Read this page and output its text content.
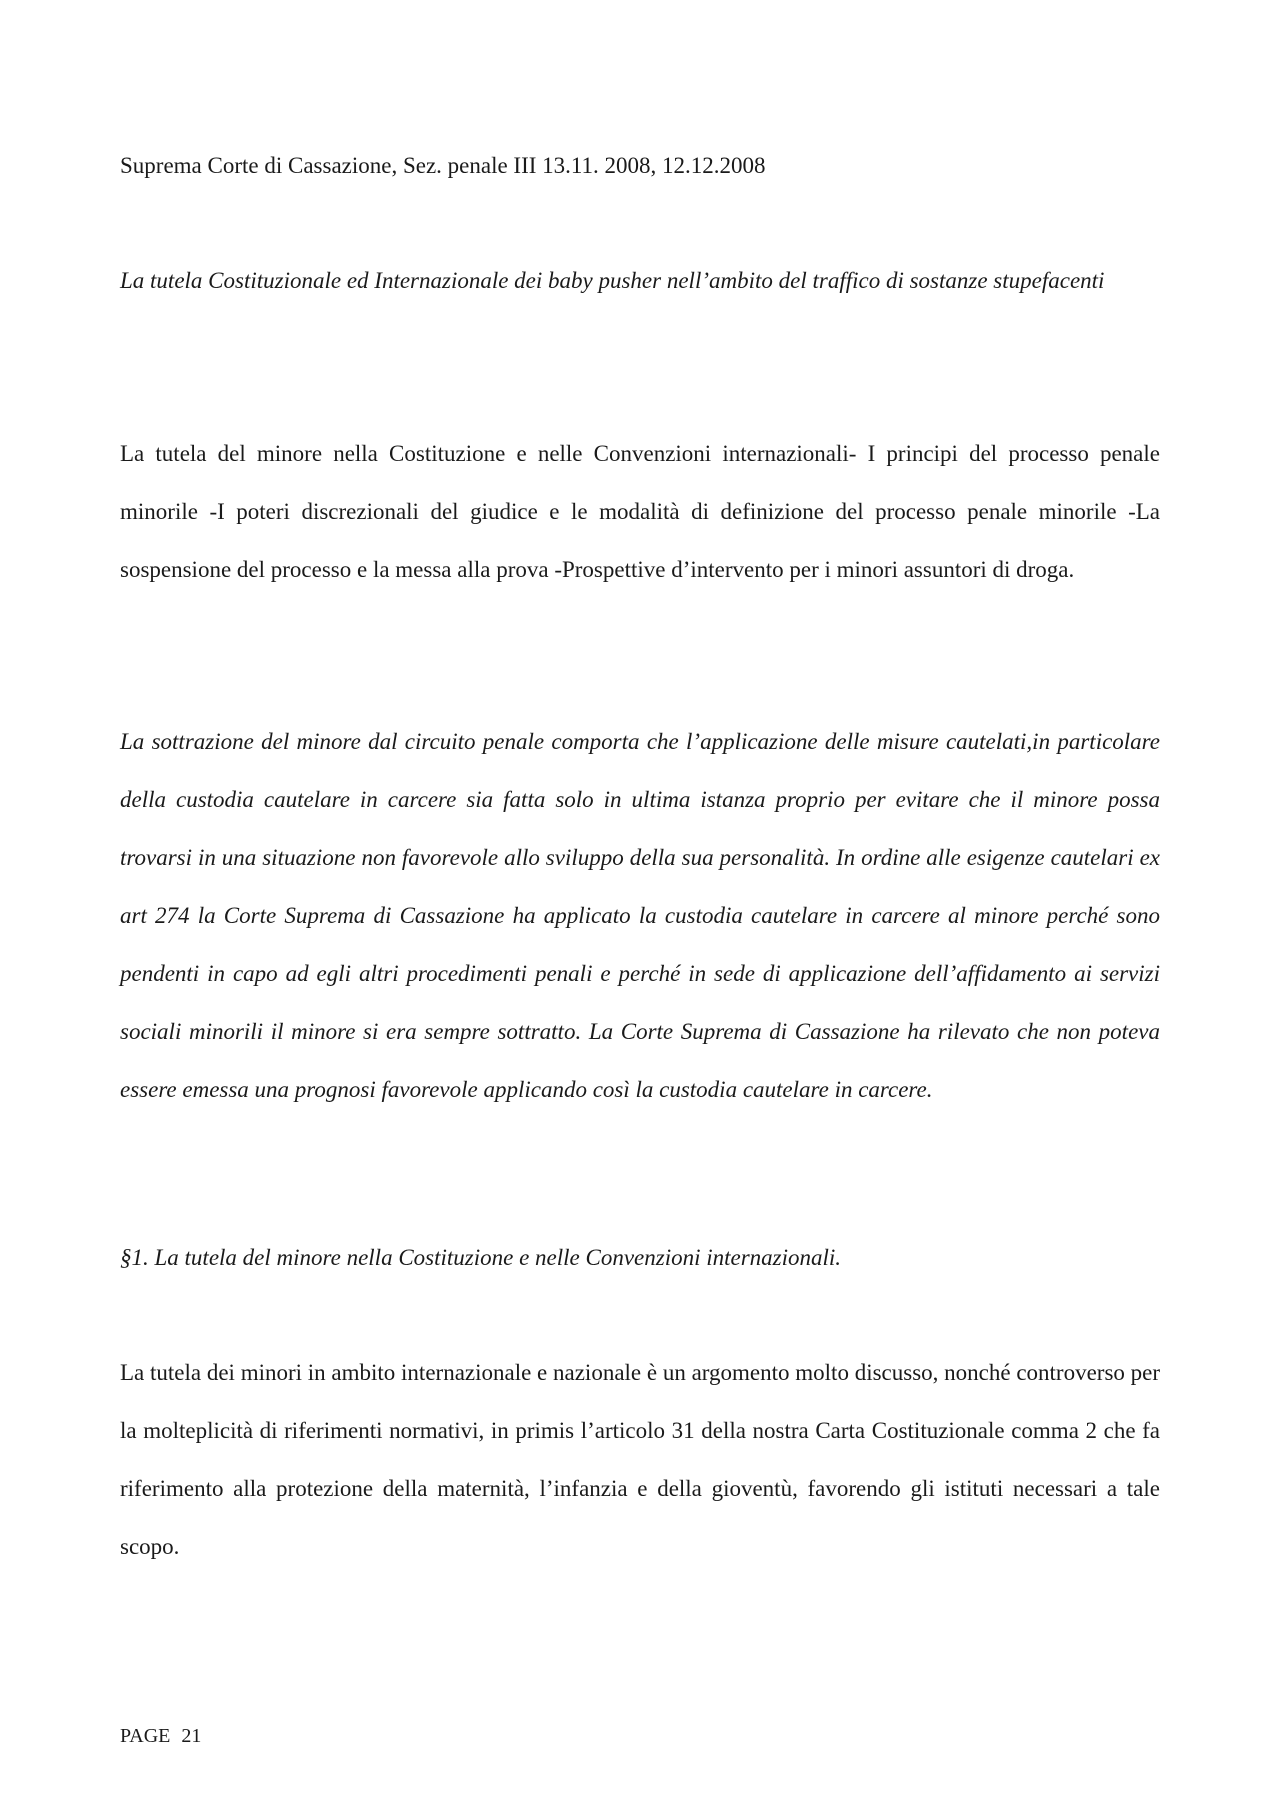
Suprema Corte di Cassazione, Sez. penale III 13.11. 2008, 12.12.2008

La tutela Costituzionale ed Internazionale dei baby pusher nell’ambito del traffico di sostanze stupefacenti

La tutela del minore nella Costituzione e nelle Convenzioni internazionali- I principi del processo penale minorile -I poteri discrezionali del giudice e le modalità di definizione del processo penale minorile -La sospensione del processo e la messa alla prova -Prospettive d’intervento per i minori assuntori di droga.

La sottrazione del minore dal circuito penale comporta che l’applicazione delle misure cautelati,in particolare della custodia cautelare in carcere sia fatta solo in ultima istanza proprio per evitare che il minore possa trovarsi in una situazione non favorevole allo sviluppo della sua personalità. In ordine alle esigenze cautelari ex art 274 la Corte Suprema di Cassazione ha applicato la custodia cautelare in carcere al minore perché sono pendenti in capo ad egli altri procedimenti penali e perché in sede di applicazione dell’affidamento ai servizi sociali minorili il minore si era sempre sottratto. La Corte Suprema di Cassazione ha rilevato che non poteva essere emessa una prognosi favorevole applicando così la custodia cautelare in carcere.

§1. La tutela del minore nella Costituzione e nelle Convenzioni internazionali.

La tutela dei minori in ambito internazionale e nazionale è un argomento molto discusso, nonché controverso per la molteplicità di riferimenti normativi, in primis l’articolo 31 della nostra Carta Costituzionale comma 2 che fa riferimento alla protezione della maternità, l’infanzia e della gioventù, favorendo gli istituti necessari a tale scopo.

PAGE 21
